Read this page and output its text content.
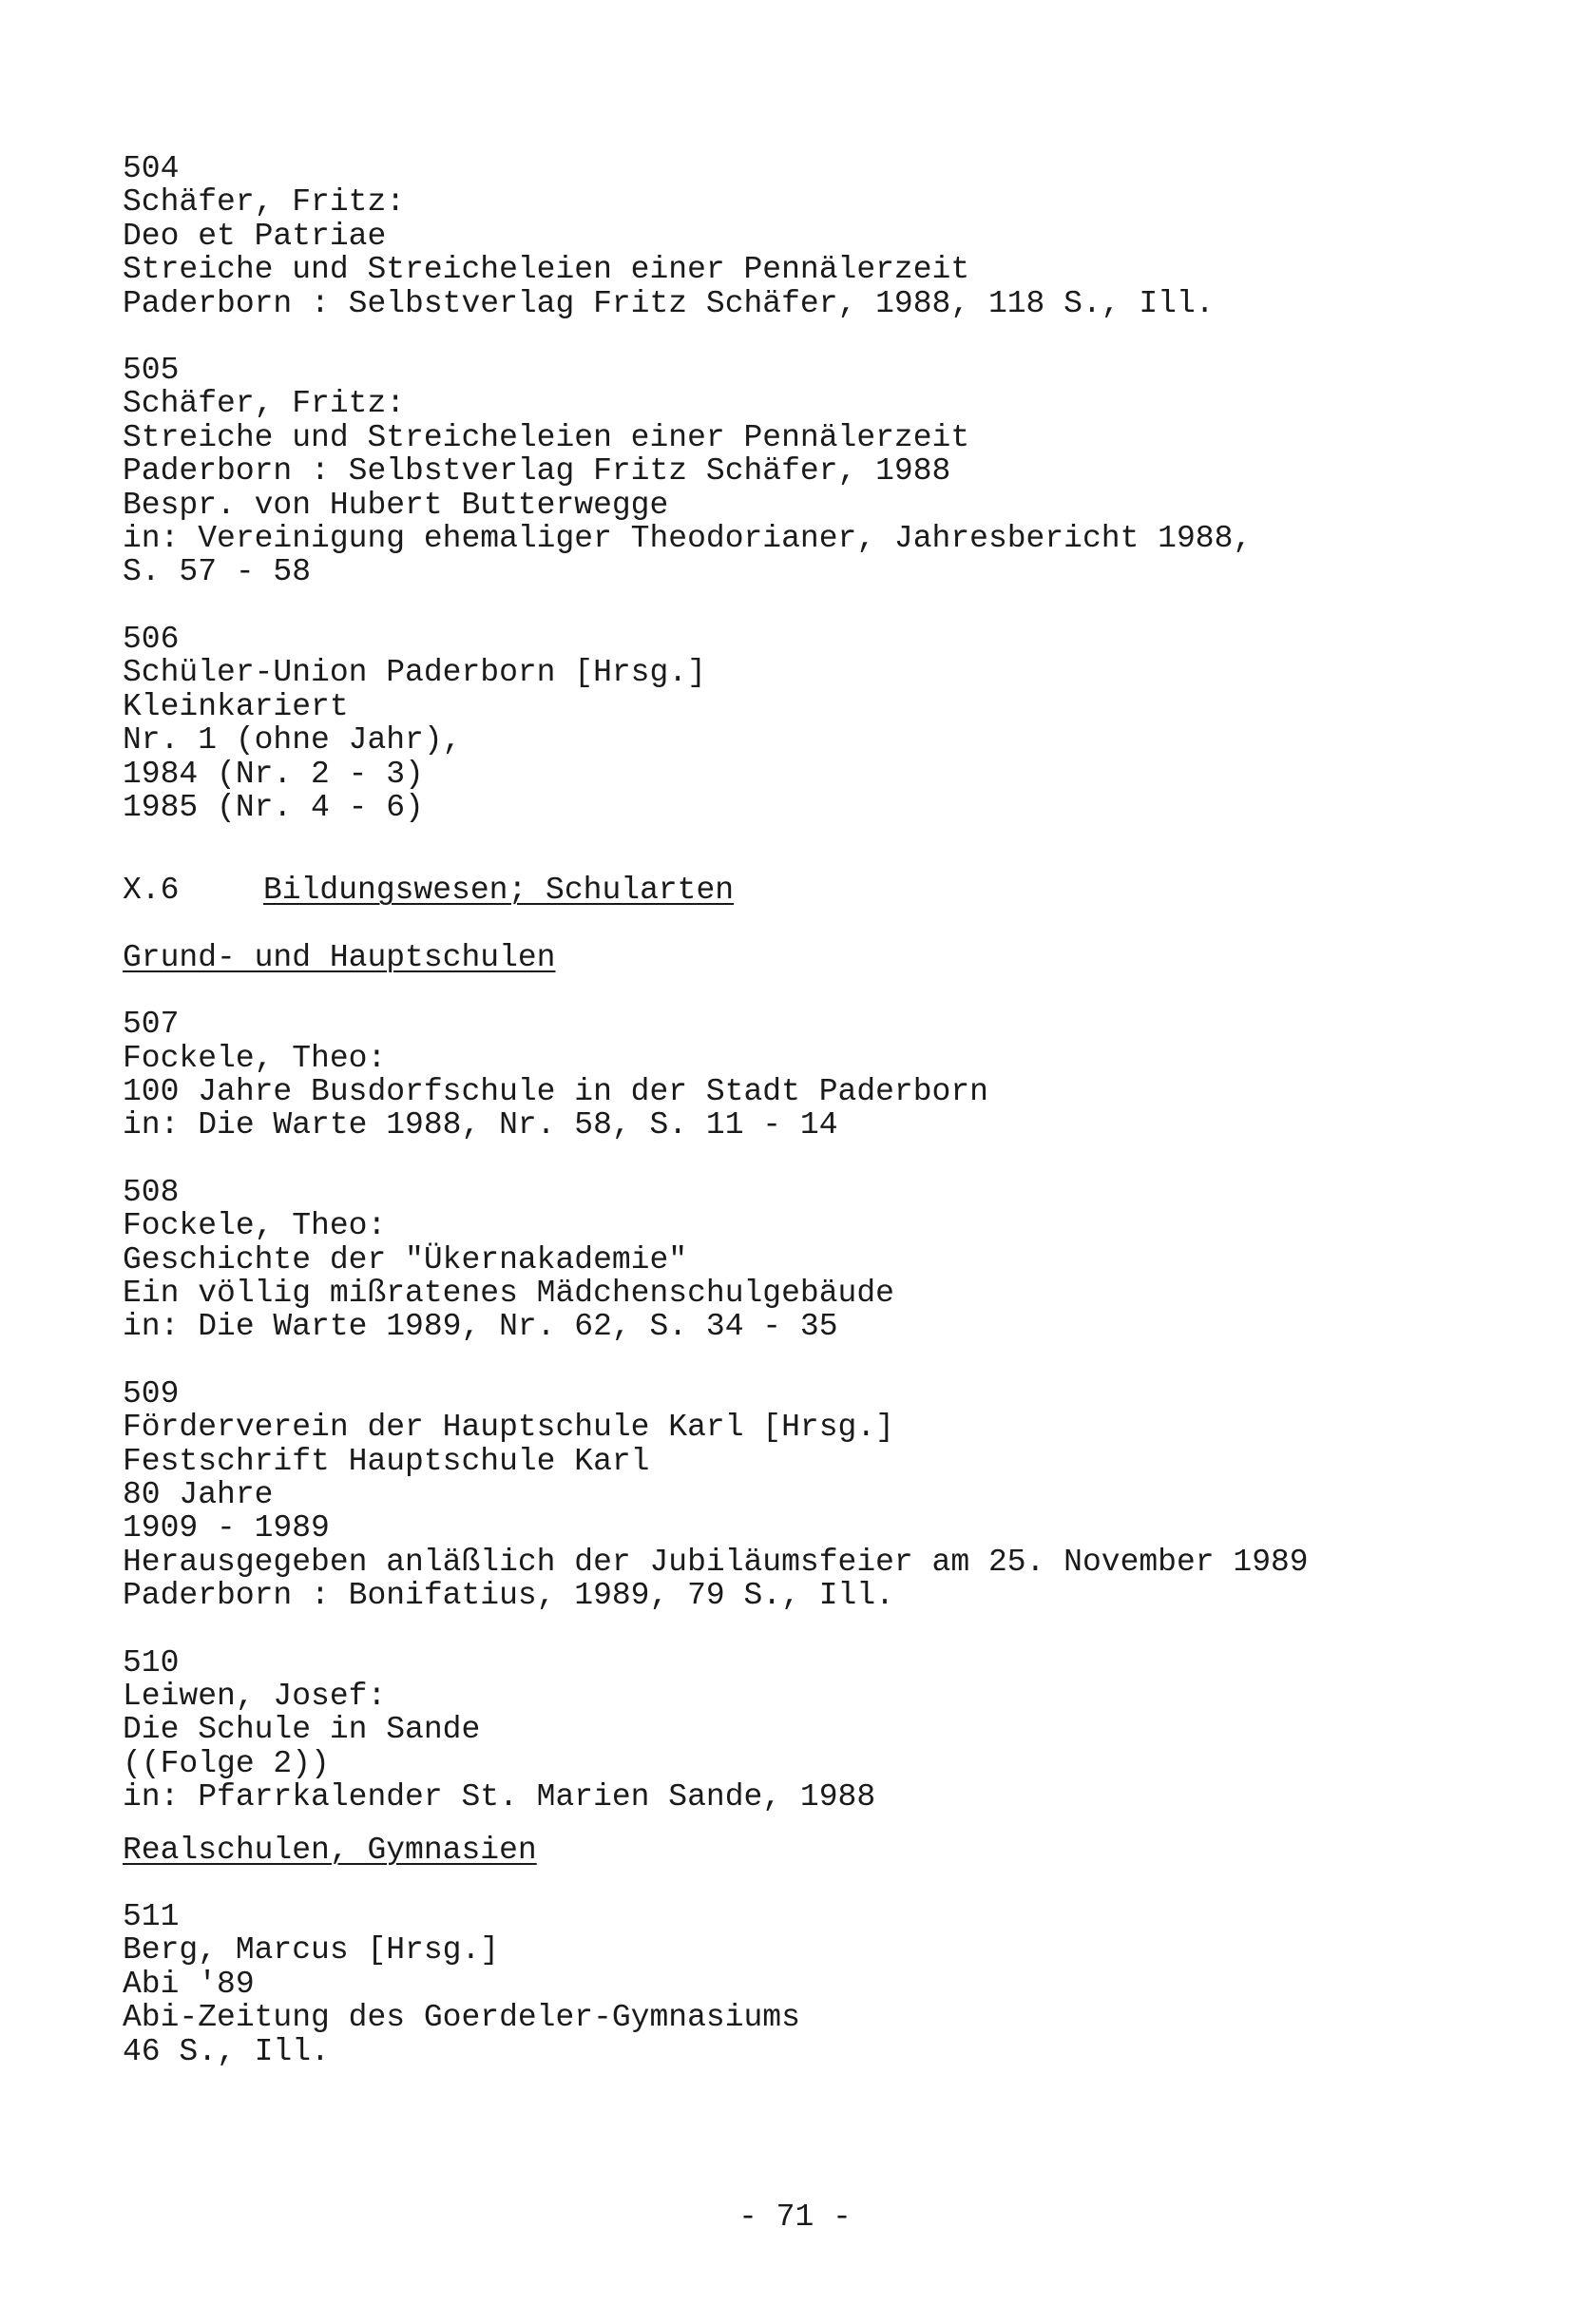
504
Schäfer, Fritz:
Deo et Patriae
Streiche und Streicheleien einer Pennälerzeit
Paderborn : Selbstverlag Fritz Schäfer, 1988, 118 S., Ill.
505
Schäfer, Fritz:
Streiche und Streicheleien einer Pennälerzeit
Paderborn : Selbstverlag Fritz Schäfer, 1988
Bespr. von Hubert Butterwegge
in: Vereinigung ehemaliger Theodorianer, Jahresbericht 1988,
S. 57 - 58
506
Schüler-Union Paderborn [Hrsg.]
Kleinkariert
Nr. 1 (ohne Jahr),
1984 (Nr. 2 - 3)
1985 (Nr. 4 - 6)
X.6	Bildungswesen; Schularten
Grund- und Hauptschulen
507
Fockele, Theo:
100 Jahre Busdorfschule in der Stadt Paderborn
in: Die Warte 1988, Nr. 58, S. 11 - 14
508
Fockele, Theo:
Geschichte der "Ükernakademie"
Ein völlig mißratenes Mädchenschulgebäude
in: Die Warte 1989, Nr. 62, S. 34 - 35
509
Förderverein der Hauptschule Karl [Hrsg.]
Festschrift Hauptschule Karl
80 Jahre
1909 - 1989
Herausgegeben anläßlich der Jubiläumsfeier am 25. November 1989
Paderborn : Bonifatius, 1989, 79 S., Ill.
510
Leiwen, Josef:
Die Schule in Sande
((Folge 2))
in: Pfarrkalender St. Marien Sande, 1988
Realschulen, Gymnasien
511
Berg, Marcus [Hrsg.]
Abi '89
Abi-Zeitung des Goerdeler-Gymnasiums
46 S., Ill.
- 71 -
